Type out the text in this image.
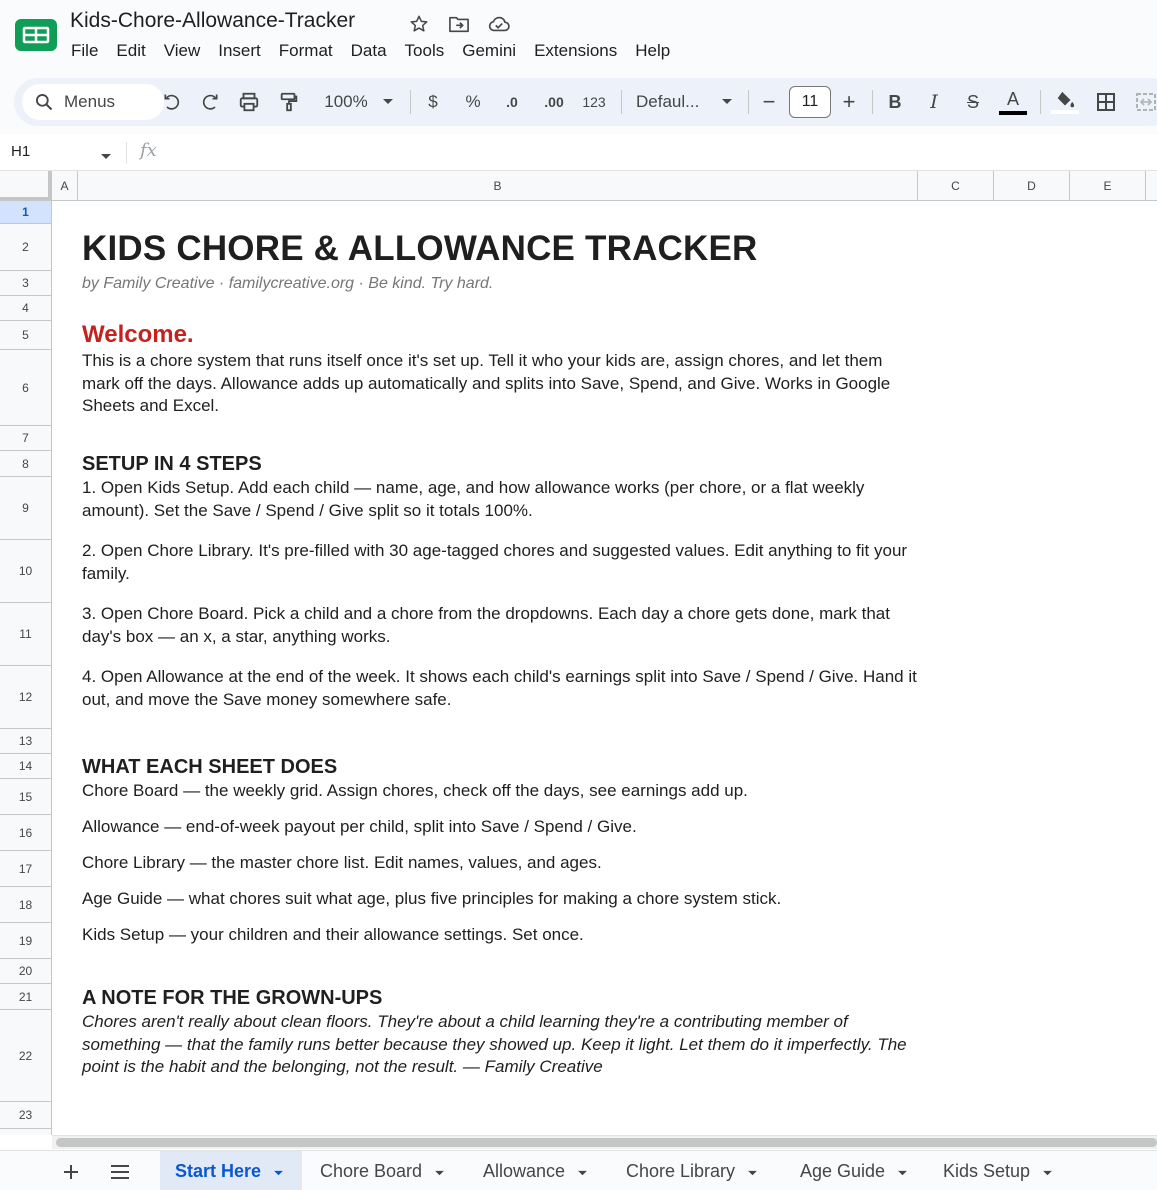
Kids-Chore-Allowance-Tracker
File	Edit	View	Insert	Format	Data	Tools	Gemini	Extensions	Help
Menus	100%	$	% .0 .00 123 Defaul...	− 11 +	B	I	S	A
H1	fx
A	B	C	D	E
1
2
3
4
5
6
7
8
9
10
11
12
13
14
15
16
17
18
19
20
21
22
23
KIDS CHORE & ALLOWANCE TRACKER
by Family Creative · familycreative.org · Be kind. Try hard.
Welcome.
This is a chore system that runs itself once it's set up. Tell it who your kids are, assign chores, and let them mark off the days. Allowance adds up automatically and splits into Save, Spend, and Give. Works in Google Sheets and Excel.
SETUP IN 4 STEPS
1. Open Kids Setup. Add each child — name, age, and how allowance works (per chore, or a flat weekly amount). Set the Save / Spend / Give split so it totals 100%.
2. Open Chore Library. It's pre-filled with 30 age-tagged chores and suggested values. Edit anything to fit your family.
3. Open Chore Board. Pick a child and a chore from the dropdowns. Each day a chore gets done, mark that day's box — an x, a star, anything works.
4. Open Allowance at the end of the week. It shows each child's earnings split into Save / Spend / Give. Hand it out, and move the Save money somewhere safe.
WHAT EACH SHEET DOES
Chore Board — the weekly grid. Assign chores, check off the days, see earnings add up.
Allowance — end-of-week payout per child, split into Save / Spend / Give.
Chore Library — the master chore list. Edit names, values, and ages.
Age Guide — what chores suit what age, plus five principles for making a chore system stick.
Kids Setup — your children and their allowance settings. Set once.
A NOTE FOR THE GROWN-UPS
Chores aren't really about clean floors. They're about a child learning they're a contributing member of something — that the family runs better because they showed up. Keep it light. Let them do it imperfectly. The point is the habit and the belonging, not the result. — Family Creative
Start Here	Chore Board	Allowance	Chore Library	Age Guide	Kids Setup
